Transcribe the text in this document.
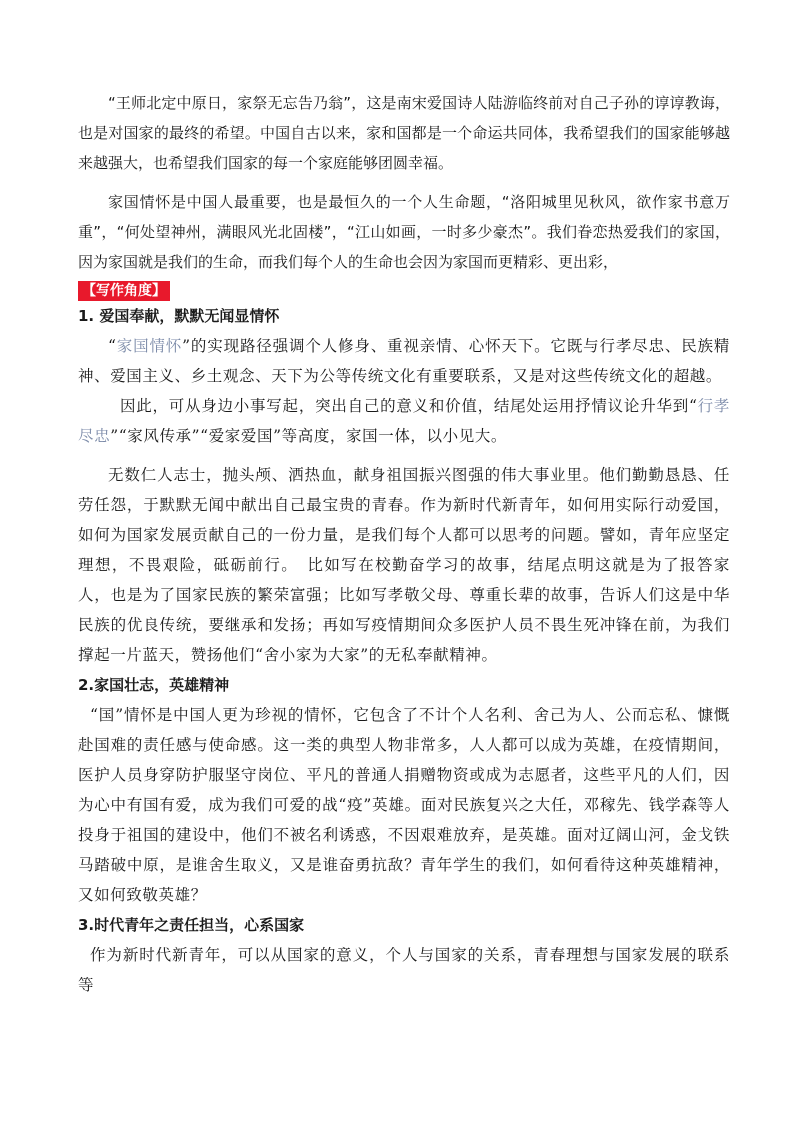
“王师北定中原日，家祭无忘告乃翁”，这是南宋爱国诗人陆游临终前对自己子孙的谆谆教诲，也是对国家的最终的希望。中国自古以来，家和国都是一个命运共同体，我希望我们的国家能够越来越强大，也希望我们国家的每一个家庭能够团圆幸福。

家国情怀是中国人最重要，也是最恒久的一个人生命题，“洛阳城里见秋风，欲作家书意万重”，“何处望神州，满眼风光北固楼”，“江山如画，一时多少豪杰”。我们眷恋热爱我们的家国，因为家国就是我们的生命，而我们每个人的生命也会因为家国而更精彩、更出彩，

【写作角度】
1. 爱国奉献，默默无闻显情怀

“家国情怀”的实现路径强调个人修身、重视亲情、心怀天下。它既与行孝尽忠、民族精神、爱国主义、乡土观念、天下为公等传统文化有重要联系，又是对这些传统文化的超越。

因此，可从身边小事写起，突出自己的意义和价值，结尾处运用抒情议论升华到“行孝尽忠”“家风传承”“爱家爱国”等高度，家国一体，以小见大。

无数仁人志士，抛头颅、洒热血，献身祖国振兴图强的伟大事业里。他们勤勤恳恳、任劳任怨，于默默无闻中献出自己最宝贵的青春。作为新时代新青年，如何用实际行动爱国，如何为国家发展贡献自己的一份力量，是我们每个人都可以思考的问题。譬如，青年应坚定理想，不畏艰险，砥砺前行。　比如写在校勤奋学习的故事，结尾点明这就是为了报答家人，也是为了国家民族的繁荣富强；比如写孝敬父母、尊重长辈的故事，告诉人们这是中华民族的优良传统，要继承和发扬；再如写疫情期间众多医护人员不畏生死冲锋在前，为我们撑起一片蓝天，赞扬他们“舍小家为大家”的无私奉献精神。

2.家国壮志，英雄精神

“国”情怀是中国人更为珍视的情怀，它包含了不计个人名利、舍己为人、公而忘私、慷慨赴国难的责任感与使命感。这一类的典型人物非常多，人人都可以成为英雄，在疫情期间，医护人员身穿防护服坚守岗位、平凡的普通人捐赠物资或成为志愿者，这些平凡的人们，因为心中有国有爱，成为我们可爱的战“疫”英雄。面对民族复兴之大任，邓稼先、钱学森等人投身于祖国的建设中，他们不被名利诱惑，不因艰难放弃，是英雄。面对辽阔山河，金戈铁马踏破中原，是谁舍生取义，又是谁奋勇抗敌？青年学生的我们，如何看待这种英雄精神，又如何致敬英雄？

3.时代青年之责任担当，心系国家

作为新时代新青年，可以从国家的意义，个人与国家的关系，青春理想与国家发展的联系等
